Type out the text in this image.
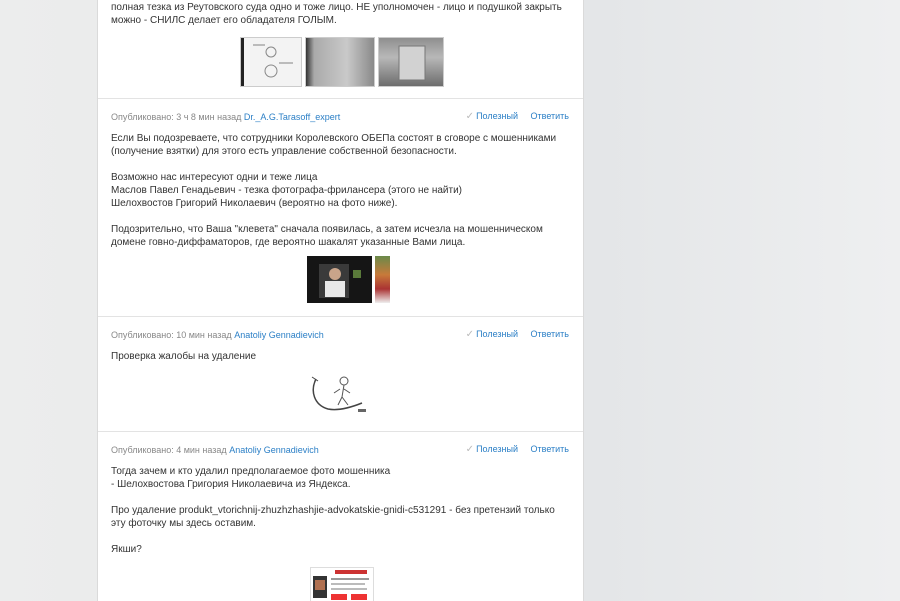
полная тезка из Реутовского суда одно и тоже лицо. НЕ уполномочен - лицо и подушкой закрыть
можно - СНИЛС делает его обладателя ГОЛЫМ.
Опубликовано: 3 ч 8 мин назад Dr._A.G.Tarasoff_expert	✓ Полезный Ответить
Если Вы подозреваете, что сотрудники Королевского ОБЕПа состоят в сговоре с мошенниками
(получение взятки) для этого есть управление собственной безопасности.
Возможно нас интересуют одни и теже лица
Маслов Павел Генадьевич - тезка фотографа-фрилансера (этого не найти)
Шелохвостов Григорий Николаевич (вероятно на фото ниже).
Подозрительно, что Ваша "клевета" сначала появилась, а затем исчезла на мошенническом
домене говно-диффаматоров, где вероятно шакалят указанные Вами лица.
Опубликовано: 10 мин назад Anatoliy Gennadievich	✓ Полезный Ответить
Проверка жалобы на удаление
Опубликовано: 4 мин назад Anatoliy Gennadievich	✓ Полезный Ответить
Тогда зачем и кто удалил предполагаемое фото мошенника
- Шелохвостова Григория Николаевича из Яндекса.
Про удаление produkt_vtorichnij-zhuzhzhashjie-advokatskie-gnidi-c531291 - без претензий только
эту фоточку мы здесь оставим.
Якши?
